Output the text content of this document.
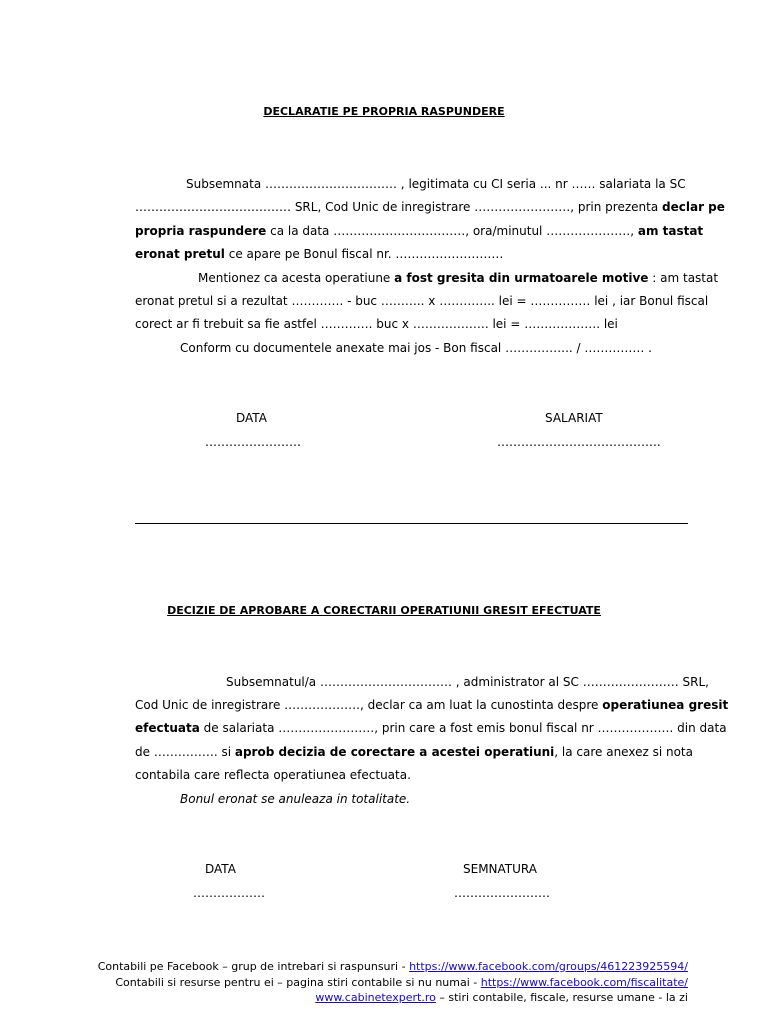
DECLARATIE PE PROPRIA RASPUNDERE
Subsemnata …………………………… , legitimata cu CI seria ... nr …… salariata la SC
………………………………… SRL, Cod Unic de inregistrare ……………………, prin prezenta declar pe
propria raspundere ca la data ……………………………, ora/minutul …………………, am tastat
eronat pretul ce apare pe Bonul fiscal nr. ………………………
Mentionez ca acesta operatiune a fost gresita din urmatoarele motive : am tastat
eronat pretul si a rezultat …………. - buc ……….. x ………….. lei = …………… lei , iar Bonul fiscal
corect ar fi trebuit sa fie astfel …………. buc x ………………. lei = ………………. lei
Conform cu documentele anexate mai jos - Bon fiscal …………….. / …………… .
DATA
……………………
SALARIAT
…………………………………..
DECIZIE DE APROBARE A CORECTARII OPERATIUNII GRESIT EFECTUATE
Subsemnatul/a …………………………… , administrator al SC …………………… SRL,
Cod Unic de inregistrare ………………., declar ca am luat la cunostinta despre operatiunea gresit
efectuata de salariata ……………………, prin care a fost emis bonul fiscal nr ………………. din data
de ……………. si aprob decizia de corectare a acestei operatiuni, la care anexez si nota
contabila care reflecta operatiunea efectuata.
Bonul eronat se anuleaza in totalitate.
DATA
………………
SEMNATURA
……………………
Contabili pe Facebook – grup de intrebari si raspunsuri - https://www.facebook.com/groups/461223925594/
Contabili si resurse pentru ei – pagina stiri contabile si nu numai - https://www.facebook.com/fiscalitate/
www.cabinetexpert.ro – stiri contabile, fiscale, resurse umane - la zi
